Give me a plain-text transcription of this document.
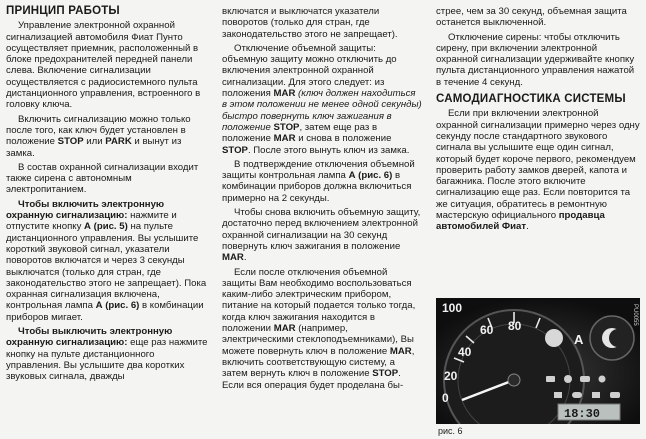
ПРИНЦИП РАБОТЫ

Управление электронной охранной сигнализацией автомобиля Фиат Пунто осуществляет приемник, расположенный в блоке предохранителей передней панели слева. Включение сигнализации осуществляется с радиосистемного пульта дистанционного управления, встроенного в головку ключа.

Включить сигнализацию можно только после того, как ключ будет установлен в положение STOP или PARK и вынут из замка.

В состав охранной сигнализации входит также сирена с автономным электропитанием.

Чтобы включить электронную охранную сигнализацию: нажмите и отпустите кнопку А (рис. 5) на пульте дистанционного управления. Вы услышите короткий звуковой сигнал, указатели поворотов включатся и через 3 секунды выключатся (только для стран, где законодательство этого не запрещает). Пока охранная сигнализация включена, контрольная лампа А (рис. 6) в комбинации приборов мигает.

Чтобы выключить электронную охранную сигнализацию: еще раз нажмите кнопку на пульте дистанционного управления. Вы услышите два коротких звуковых сигнала, дважды

включатся и выключатся указатели поворотов (только для стран, где законодательство этого не запрещает).

Отключение объемной защиты: объемную защиту можно отключить до включения электронной охранной сигнализации. Для этого следует: из положения MAR (ключ должен находиться в этом положении не менее одной секунды) быстро повернуть ключ зажигания в положение STOP, затем еще раз в положение MAR и снова в положение STOP. После этого вынуть ключ из замка.

В подтверждение отключения объемной защиты контрольная лампа А (рис. 6) в комбинации приборов должна включиться примерно на 2 секунды.

Чтобы снова включить объемную защиту, достаточно перед включением электронной охранной сигнализации на 30 секунд повернуть ключ зажигания в положение MAR.

Если после отключения объемной защиты Вам необходимо воспользоваться каким-либо электрическим прибором, питание на который подается только тогда, когда ключ зажигания находится в положении MAR (например, электрическими стеклоподъемниками), Вы можете повернуть ключ в положение MAR, включить соответствующую систему, а затем вернуть ключ в положение STOP. Если вся операция будет проделана бы-

стрее, чем за 30 секунд, объемная защита останется выключенной.

Отключение сирены: чтобы отключить сирену, при включении электронной охранной сигнализации удерживайте кнопку пульта дистанционного управления нажатой в течение 4 секунд.

САМОДИАГНОСТИКА СИСТЕМЫ

Если при включении электронной охранной сигнализации примерно через одну секунду после стандартного звукового сигнала вы услышите еще один сигнал, который будет короче первого, рекомендуем проверить работу замков дверей, капота и багажника. После этого включите сигнализацию еще раз. Если повторится та же ситуация, обратитесь в ремонтную мастерскую официального продавца автомобилей Фиат.

100
60 80
40
20
0
A
18:30
PU0055
рис. 6
